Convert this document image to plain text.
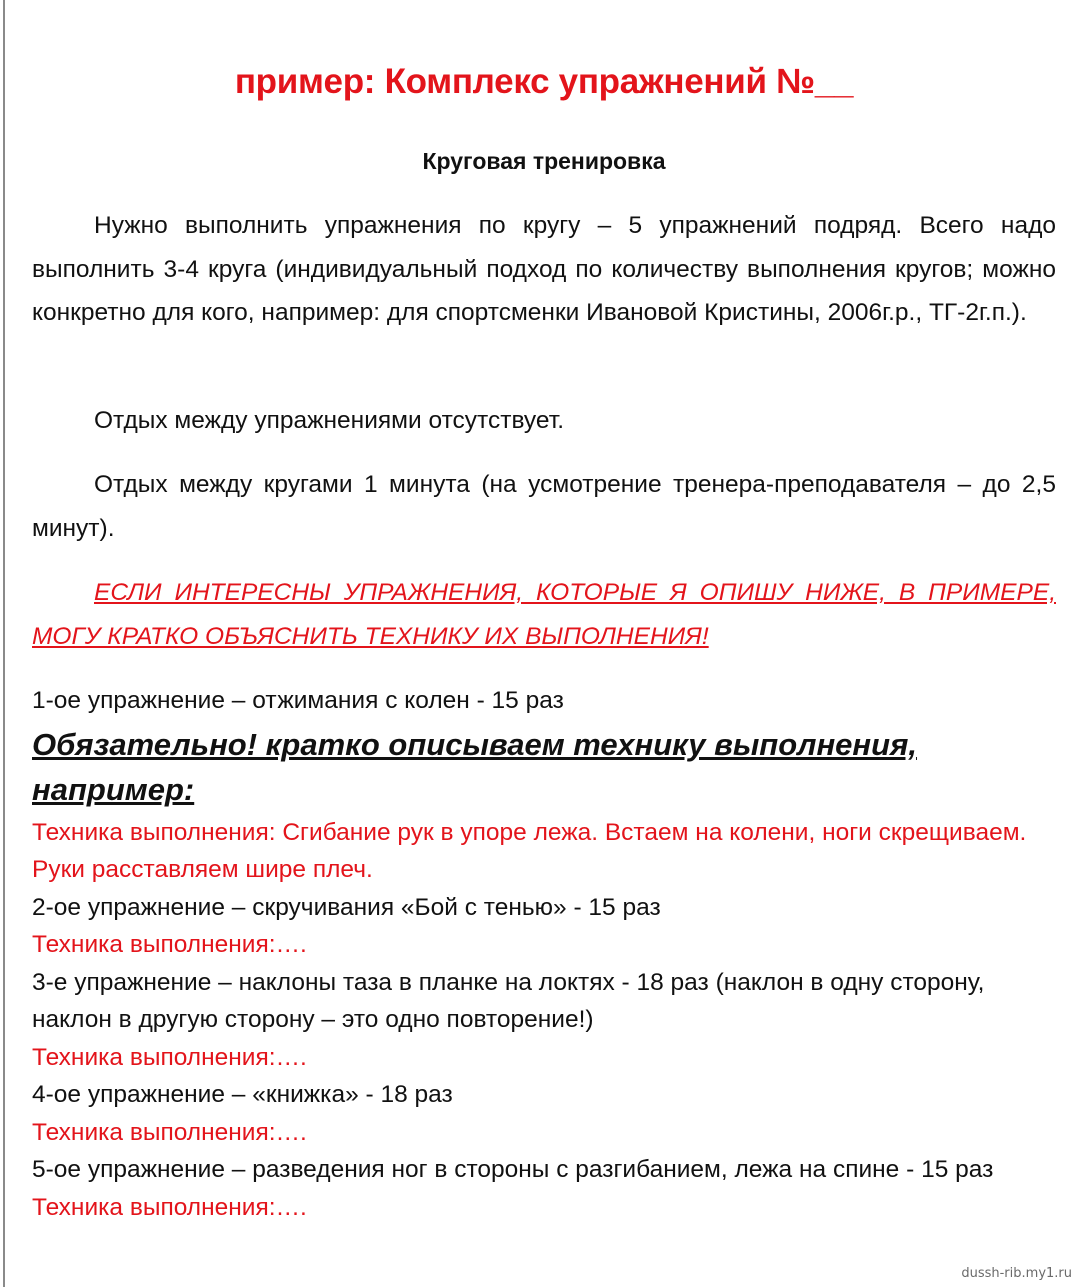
пример: Комплекс упражнений №__
Круговая тренировка
Нужно выполнить упражнения по кругу – 5 упражнений подряд. Всего надо выполнить 3-4 круга (индивидуальный подход по количеству выполнения кругов; можно конкретно для кого, например: для спортсменки Ивановой Кристины, 2006г.р., ТГ-2г.п.).
Отдых между упражнениями отсутствует.
Отдых между кругами 1 минута (на усмотрение тренера-преподавателя – до 2,5 минут).
ЕСЛИ ИНТЕРЕСНЫ УПРАЖНЕНИЯ, КОТОРЫЕ Я ОПИШУ НИЖЕ, В ПРИМЕРЕ, МОГУ КРАТКО ОБЪЯСНИТЬ ТЕХНИКУ ИХ ВЫПОЛНЕНИЯ!
1-ое упражнение – отжимания с колен - 15 раз
Обязательно! кратко описываем технику выполнения, например:
Техника выполнения: Сгибание рук в упоре лежа. Встаем на колени, ноги скрещиваем. Руки расставляем шире плеч.
2-ое упражнение – скручивания «Бой с тенью» - 15 раз
Техника выполнения:….
3-е упражнение – наклоны таза в планке на локтях - 18 раз (наклон в одну сторону, наклон в другую сторону – это одно повторение!)
Техника выполнения:….
4-ое упражнение – «книжка» - 18 раз
Техника выполнения:….
5-ое упражнение – разведения ног в стороны с разгибанием, лежа на спине - 15 раз
Техника выполнения:….
dussh-rib.my1.ru
